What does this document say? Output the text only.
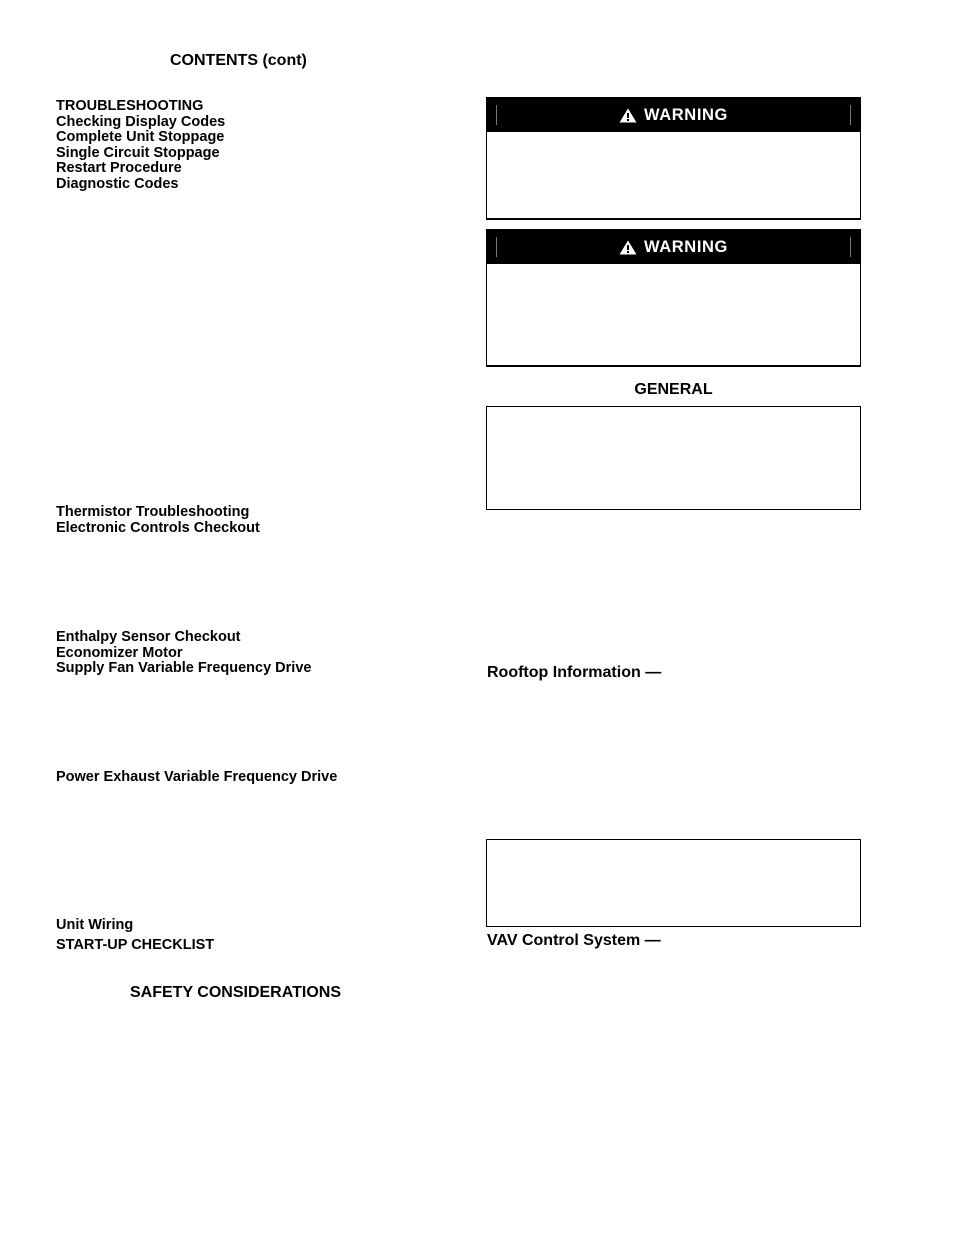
CONTENTS (cont)
TROUBLESHOOTING
Checking Display Codes
Complete Unit Stoppage
Single Circuit Stoppage
Restart Procedure
Diagnostic Codes
Thermistor Troubleshooting
Electronic Controls Checkout
Enthalpy Sensor Checkout
Economizer Motor
Supply Fan Variable Frequency Drive
Power Exhaust Variable Frequency Drive
Unit Wiring
START-UP CHECKLIST
SAFETY CONSIDERATIONS
WARNING
WARNING
GENERAL
Rooftop Information —
VAV Control System —
